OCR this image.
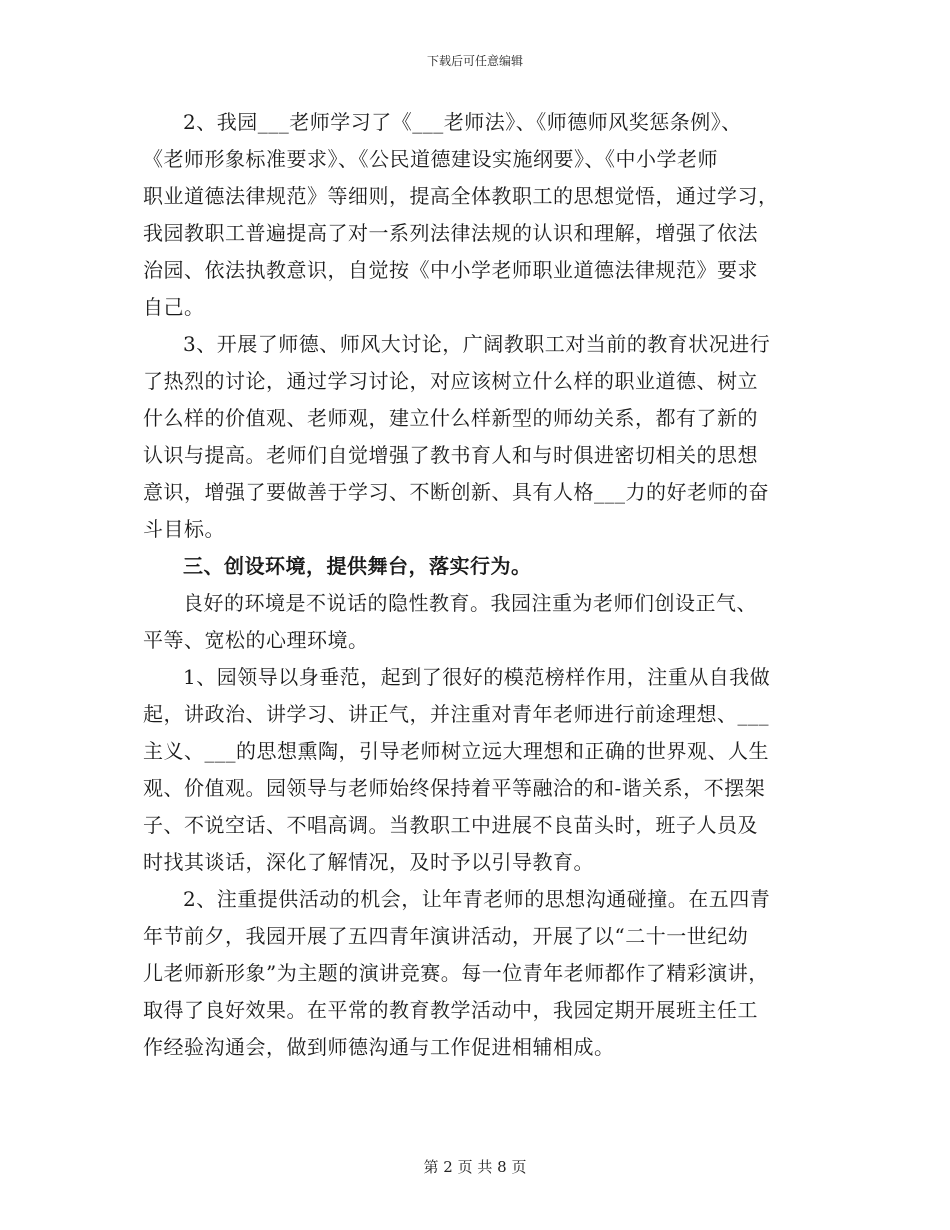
下载后可任意编辑
2、我园___老师学习了《___老师法》、《师德师风奖惩条例》、
《老师形象标准要求》、《公民道德建设实施纲要》、《中小学老师
职业道德法律规范》等细则，提高全体教职工的思想觉悟，通过学习，
我园教职工普遍提高了对一系列法律法规的认识和理解，增强了依法
治园、依法执教意识，自觉按《中小学老师职业道德法律规范》要求
自己。
3、开展了师德、师风大讨论，广阔教职工对当前的教育状况进行
了热烈的讨论，通过学习讨论，对应该树立什么样的职业道德、树立
什么样的价值观、老师观，建立什么样新型的师幼关系，都有了新的
认识与提高。老师们自觉增强了教书育人和与时俱进密切相关的思想
意识，增强了要做善于学习、不断创新、具有人格___力的好老师的奋
斗目标。
三、创设环境，提供舞台，落实行为。
良好的环境是不说话的隐性教育。我园注重为老师们创设正气、
平等、宽松的心理环境。
1、园领导以身垂范，起到了很好的模范榜样作用，注重从自我做
起，讲政治、讲学习、讲正气，并注重对青年老师进行前途理想、___
主义、___的思想熏陶，引导老师树立远大理想和正确的世界观、人生
观、价值观。园领导与老师始终保持着平等融洽的和-谐关系，不摆架
子、不说空话、不唱高调。当教职工中进展不良苗头时，班子人员及
时找其谈话，深化了解情况，及时予以引导教育。
2、注重提供活动的机会，让年青老师的思想沟通碰撞。在五四青
年节前夕，我园开展了五四青年演讲活动，开展了以“二十一世纪幼
儿老师新形象”为主题的演讲竞赛。每一位青年老师都作了精彩演讲，
取得了良好效果。在平常的教育教学活动中，我园定期开展班主任工
作经验沟通会，做到师德沟通与工作促进相辅相成。
第 2 页 共 8 页
